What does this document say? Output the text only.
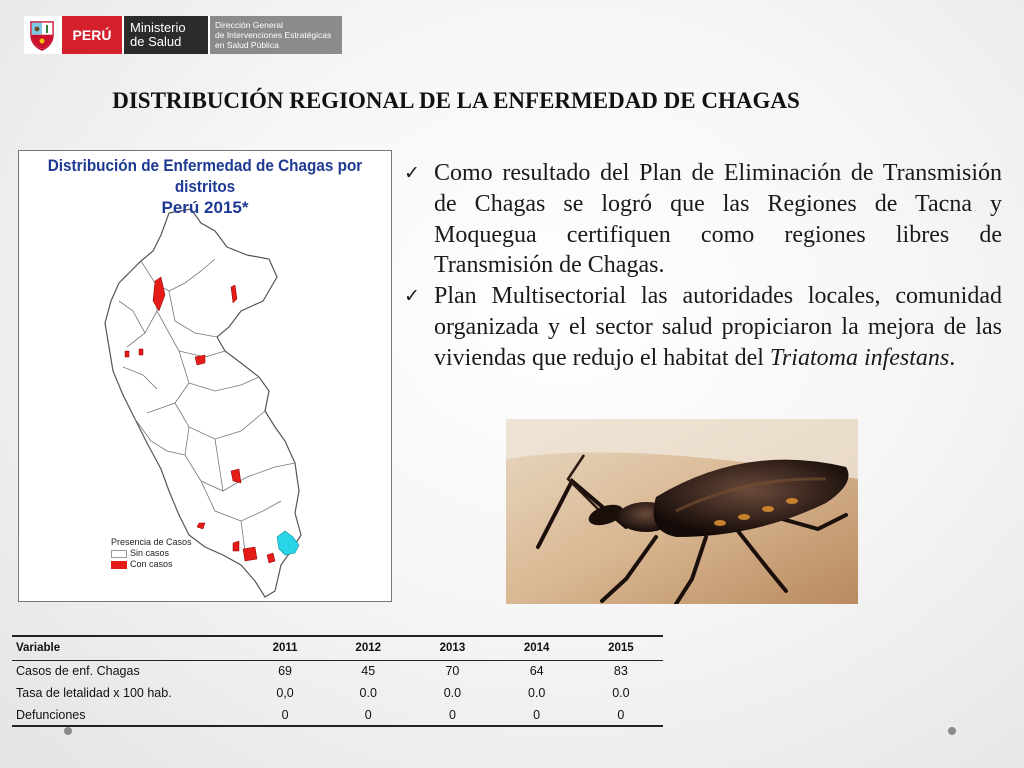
PERÚ	Ministerio
de Salud
Dirección General
de Intervenciones Estratégicas
en Salud Pública
DISTRIBUCIÓN REGIONAL DE LA ENFERMEDAD DE CHAGAS
Distribución de Enfermedad de Chagas por distritos
Perú 2015*
Presencia de Casos
Sin casos
Con casos
✓ Como resultado del Plan de Eliminación de Transmisión de Chagas se logró que las Regiones de Tacna y Moquegua certifiquen como regiones libres de Transmisión de Chagas.
✓ Plan Multisectorial las autoridades locales, comunidad organizada y el sector salud propiciaron la mejora de las viviendas que redujo el habitat del Triatoma infestans.
Variable	2011	2012	2013	2014	2015
Casos de enf. Chagas	69	45	70	64	83
Tasa de letalidad x 100 hab.	0,0	0.0	0.0	0.0	0.0
Defunciones	0	0	0	0	0
